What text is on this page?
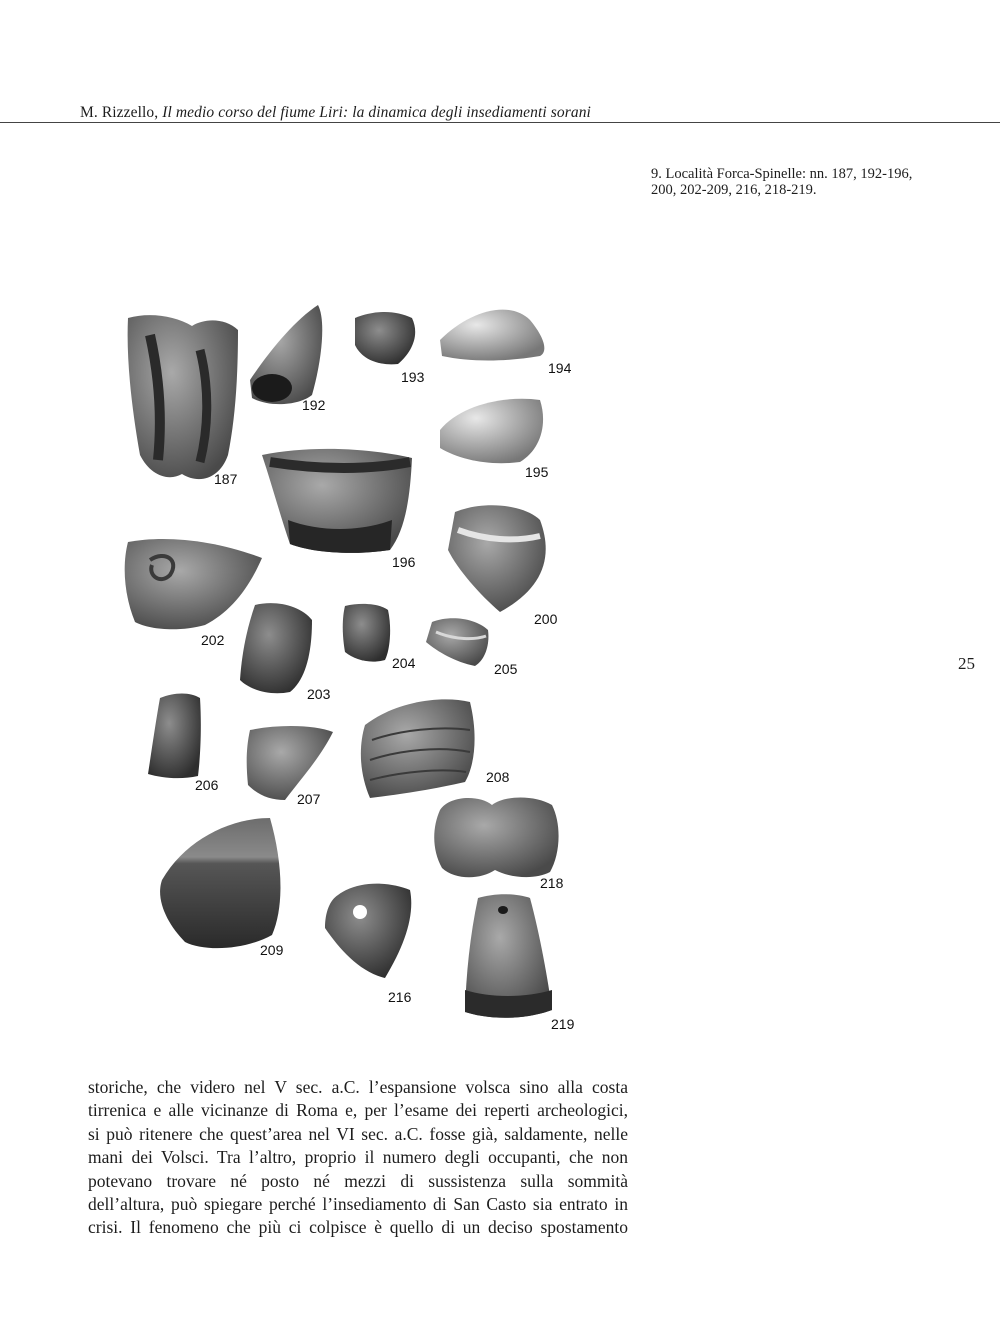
M. Rizzello, Il medio corso del fiume Liri: la dinamica degli insediamenti sorani
9. Località Forca-Spinelle: nn. 187, 192-196,
200, 202-209, 216, 218-219.
25
187
192
193
194
195
196
200
202
203
204	205
206
207
208
218
209
216
219
storiche, che videro nel V sec. a.C. l’espansione volsca sino alla costa
tirrenica e alle vicinanze di Roma e, per l’esame dei reperti archeologici,
si può ritenere che quest’area nel VI sec. a.C. fosse già, saldamente, nelle
mani dei Volsci. Tra l’altro, proprio il numero degli occupanti, che non
potevano trovare né posto né mezzi di sussistenza sulla sommità
dell’altura, può spiegare perché l’insediamento di San Casto sia entrato in
crisi. Il fenomeno che più ci colpisce è quello di un deciso spostamento
